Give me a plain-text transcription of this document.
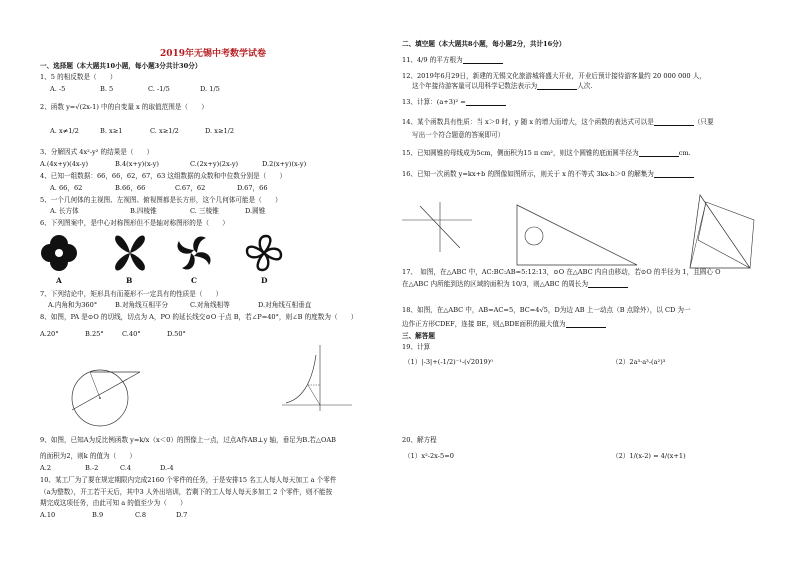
2019年无锡中考数学试卷
一、选择题（本大题共10小题，每小题3分共计30分）
1、5 的相反数是（　　）
A. -5	B. 5	C. -1/5	D. 1/5
2、函数 y=√(2x-1) 中的自变量 x 的取值范围是（　　）
A. x≠1/2	B. x≥1	C. x≥1/2	D. x≥1/2
3、分解因式 4x²-y² 的结果是（　　）
A.(4x+y)(4x-y)	B.4(x+y)(x-y)	C.(2x+y)(2x-y)	D.2(x+y)(x-y)
4、已知一组数据：66，66，62，67，63 这组数据的众数和中位数分别是（　　）
A. 66，62	B.66，66	C.67，62	D.67，66
5、一个几何体的主视图、左视图、俯视图都是长方形，这个几何体可能是（　　）
A. 长方体	B.四棱锥	C. 三棱锥	D.圆锥
6、下列图案中，是中心对称图形但不是轴对称图形的是（　　）
A	B	C	D
7、下列结论中，矩形具有而菱形不一定具有的性质是（　　）
A.内角和为360°	B.对角线互相平分	C.对角线相等	D.对角线互相垂直
8、如图，PA 是⊙O 的切线，切点为 A，PO 的延长线交⊙O 于点 B，若∠P=40°，则∠B 的度数为（　　）
A.20°	B.25°	C.40°	D.50°
9、如图，已知A为反比例函数 y=k/x（x＜0）的图像上一点，过点A作AB⊥y 轴，垂足为B.若△OAB
的面积为2，则k 的值为（　　）
A.2	B.-2	C.4	D.-4
10、某工厂为了要在规定期限内完成2160 个零件的任务，于是安排15 名工人每人每天加工 a 个零件
（a为整数），开工若干天后，其中3 人外出培训，若剩下的工人每人每天多加工 2 个零件，则不能按
期完成这项任务，由此可知 a 的值至少为（　　）
A.10	B.9	C.8	D.7
二、填空题（本大题共8小题，每小题2分，共计16分）
11、4/9 的平方根为
12、2019年6月29日，新建的无锡文化旅游城将盛大开业，开业后预计接待游客量约 20 000 000 人，
这个年接待游客量可以用科学记数法表示为	人次.
13、计算：(a+3)² =
14、某个函数具有性质：当 x＞0 时，y 随 x 的增大而增大，这个函数的表达式可以是	（只要
写出一个符合题意的答案即可）
15、已知圆锥的母线成为5cm，侧面积为15 π cm²，则这个圆锥的底面圆半径为	cm.
16、已知一次函数 y=kx+b 的图像如图所示，则关于 x 的不等式 3kx-b＞0 的解集为
17、　如图，在△ABC 中，AC:BC:AB=5:12:13，⊙O 在△ABC 内自由移动，若⊙O 的半径为 1，且圆心 O
在△ABC 内所能到达的区域的面积为 10/3，则△ABC 的周长为
18、如图，在△ABC 中，AB=AC=5，BC=4√5，D为边 AB 上一动点（B 点除外），以 CD 为一
边作正方形CDEF，连接 BE，则△BDE面积的最大值为
三、解答题
19、计算
（1）|-3|+(-1/2)⁻¹-(√2019)⁰	（2）2a³·a³-(a²)³
20、解方程
（1）x²-2x-5=0	（2）1/(x-2) = 4/(x+1)
